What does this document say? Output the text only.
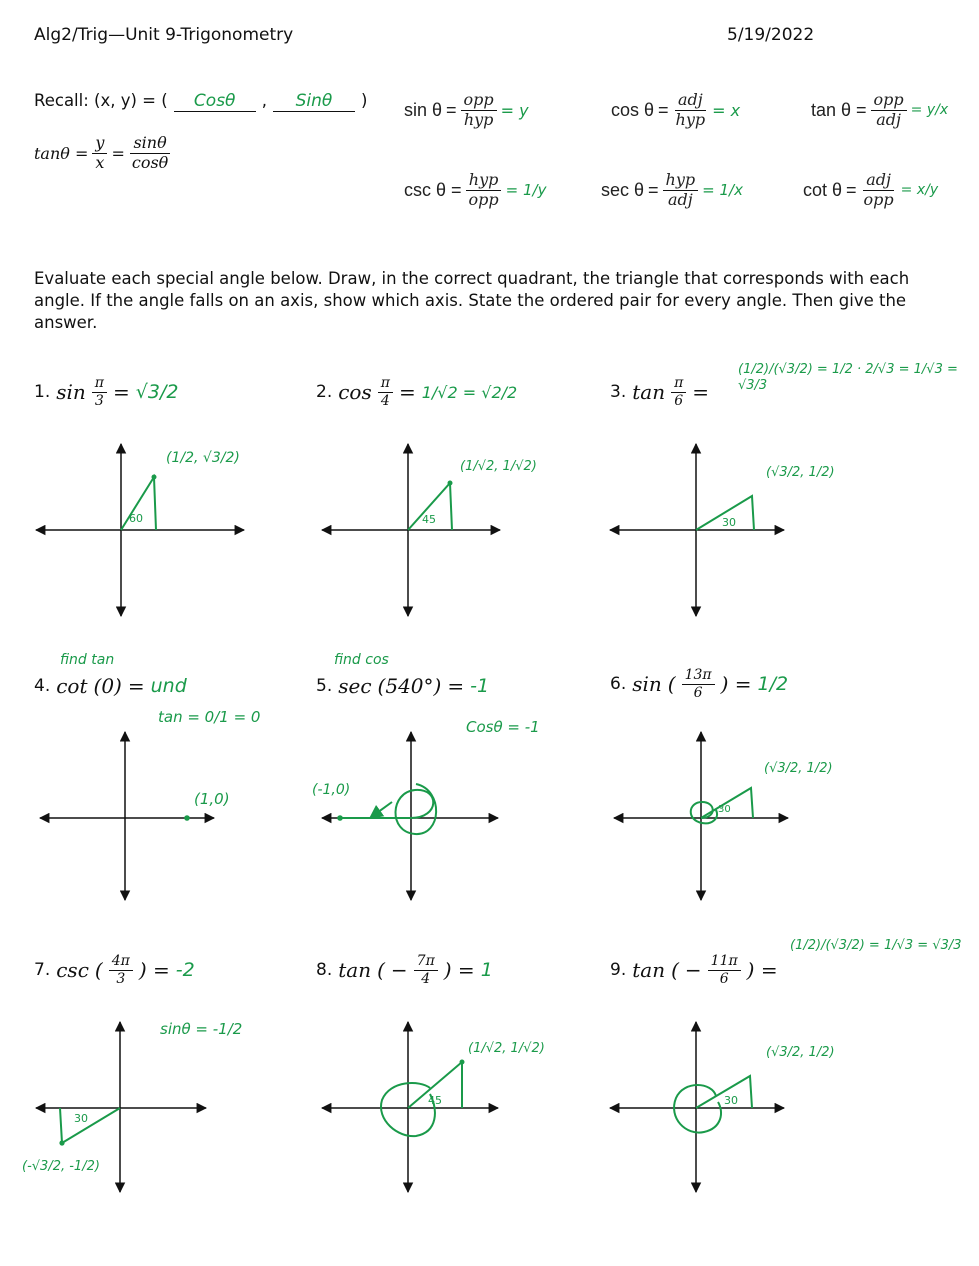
Alg2/Trig—Unit 9-Trigonometry	5/19/2022
Recall: (x, y) = (	Cosθ	,	Sinθ	)
$\tan\theta = \frac{y}{x} = \frac{\sin\theta}{\cos\theta}$
$\sin \theta = \frac{\text{opp}}{\text{hyp}} = y$	$\cos \theta = \frac{\text{adj}}{\text{hyp}} = x$	$\tan \theta = \frac{\text{opp}}{\text{adj}} = y/x$
$\csc \theta = \frac{\text{hyp}}{\text{opp}} = 1/y$	$\sec \theta = \frac{\text{hyp}}{\text{adj}} = 1/x$	$\cot \theta = \frac{\text{adj}}{\text{opp}} = x/y$
Evaluate each special angle below. Draw, in the correct quadrant, the triangle that corresponds with each angle. If the angle falls on an axis, show which axis. State the ordered pair for every angle. Then give the answer.
1. $\sin \frac{\pi}{3} = √3/2$	2. $\cos \frac{\pi}{4} = 1/√2 = √2/2$	3. $\tan \frac{\pi}{6}$ =
(1/2)/(√3/2) = 1/2 · 2/√3 = 1/√3 = √3/3
find tan
4. cot (0) = und
tan = 0/1 = 0
find cos
5. sec (540°) = -1
Cosθ = -1
6. sin ( $\frac{13\pi}{6}$ ) = 1/2
7. csc ( $\frac{4\pi}{3}$ ) = -2
sinθ = -1/2
8. tan ( − $\frac{7\pi}{4}$ ) = 1	9. tan ( − $\frac{11\pi}{6}$ ) =
(1/2)/(√3/2) = 1/√3 = √3/3
60
(1/2, √3/2)
45
(1/√2, 1/√2)
30
(√3/2, 1/2)
(1,0)	(-1,0)
30
(√3/2, 1/2)
30
(-√3/2, -1/2)
45
(1/√2, 1/√2)
30
(√3/2, 1/2)
